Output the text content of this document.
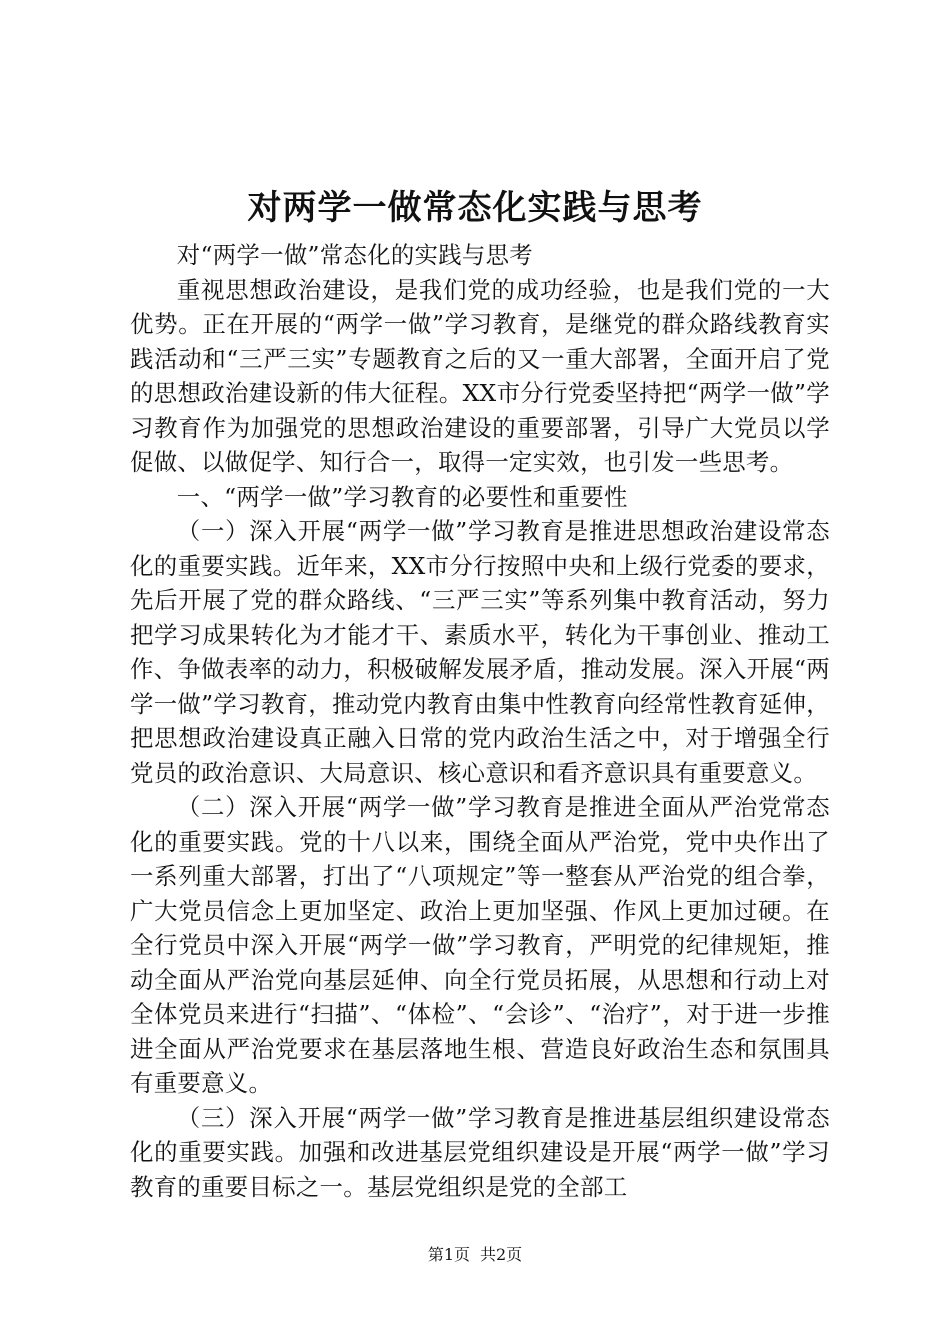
对两学一做常态化实践与思考

对“两学一做”常态化的实践与思考

重视思想政治建设，是我们党的成功经验，也是我们党的一大优势。正在开展的“两学一做”学习教育，是继党的群众路线教育实践活动和“三严三实”专题教育之后的又一重大部署，全面开启了党的思想政治建设新的伟大征程。XX市分行党委坚持把“两学一做”学习教育作为加强党的思想政治建设的重要部署，引导广大党员以学促做、以做促学、知行合一，取得一定实效，也引发一些思考。

一、“两学一做”学习教育的必要性和重要性

（一）深入开展“两学一做”学习教育是推进思想政治建设常态化的重要实践。近年来，XX市分行按照中央和上级行党委的要求，先后开展了党的群众路线、“三严三实”等系列集中教育活动，努力把学习成果转化为才能才干、素质水平，转化为干事创业、推动工作、争做表率的动力，积极破解发展矛盾，推动发展。深入开展“两学一做”学习教育，推动党内教育由集中性教育向经常性教育延伸，把思想政治建设真正融入日常的党内政治生活之中，对于增强全行党员的政治意识、大局意识、核心意识和看齐意识具有重要意义。

（二）深入开展“两学一做”学习教育是推进全面从严治党常态化的重要实践。党的十八以来，围绕全面从严治党，党中央作出了一系列重大部署，打出了“八项规定”等一整套从严治党的组合拳，广大党员信念上更加坚定、政治上更加坚强、作风上更加过硬。在全行党员中深入开展“两学一做”学习教育，严明党的纪律规矩，推动全面从严治党向基层延伸、向全行党员拓展，从思想和行动上对全体党员来进行“扫描”、“体检”、“会诊”、“治疗”，对于进一步推进全面从严治党要求在基层落地生根、营造良好政治生态和氛围具有重要意义。

（三）深入开展“两学一做”学习教育是推进基层组织建设常态化的重要实践。加强和改进基层党组织建设是开展“两学一做”学习教育的重要目标之一。基层党组织是党的全部工

第1页 共2页
